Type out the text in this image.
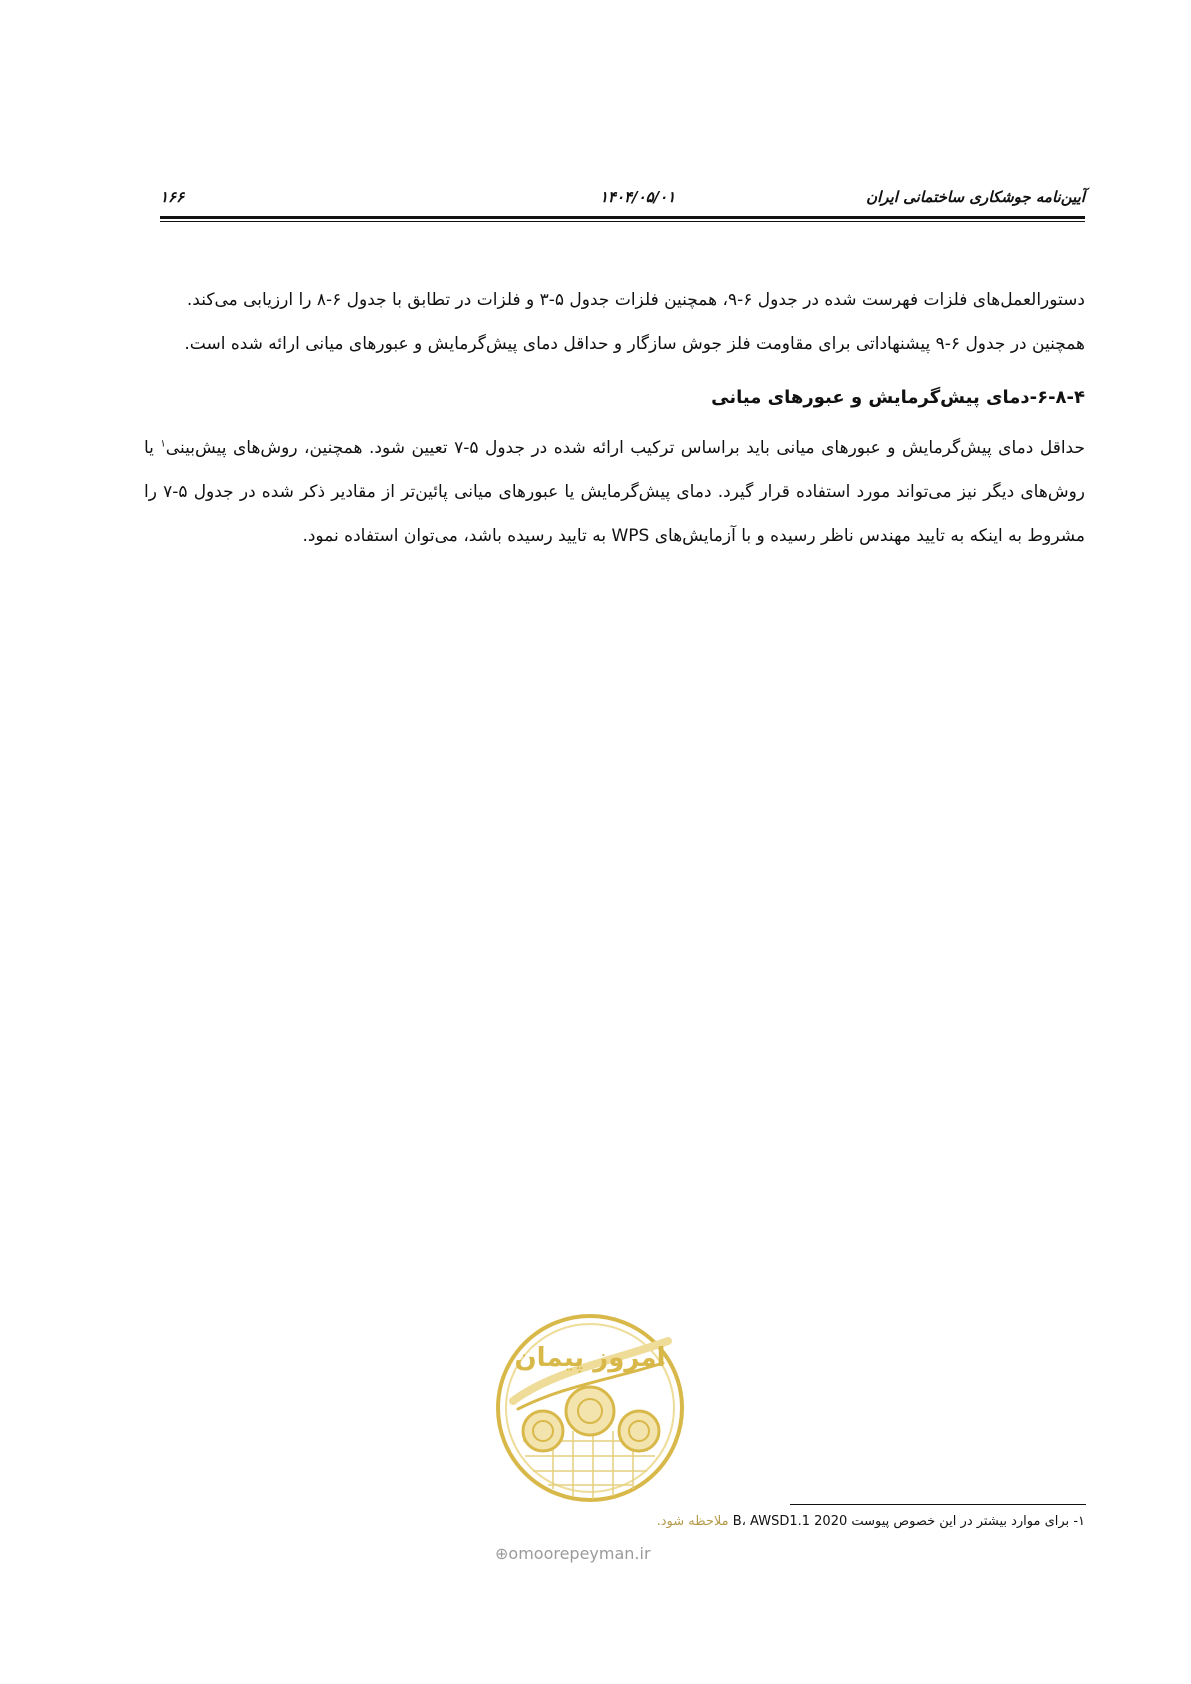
آیین‌نامه جوشکاری ساختمانی ایران
۱۴۰۴/۰۵/۰۱
۱۶۶

دستورالعمل‌های فلزات فهرست شده در جدول ۶-۹، همچنین فلزات جدول ۵-۳ و فلزات در تطابق با جدول ۶-۸ را ارزیابی می‌کند.

همچنین در جدول ۶-۹ پیشنهاداتی برای مقاومت فلز جوش سازگار و حداقل دمای پیش‌گرمایش و عبورهای میانی ارائه شده است.

۶-۸-۴-دمای پیش‌گرمایش و عبورهای میانی

حداقل دمای پیش‌گرمایش و عبورهای میانی باید براساس ترکیب ارائه شده در جدول ۵-۷ تعیین شود. همچنین، روش‌های پیش‌بینی$^۱$ یا روش‌های دیگر نیز می‌تواند مورد استفاده قرار گیرد. دمای پیش‌گرمایش یا عبورهای میانی پائین‌تر از مقادیر ذکر شده در جدول ۵-۷ را مشروط به اینکه به تایید مهندس ناظر رسیده و با آزمایش‌های WPS به تایید رسیده باشد، می‌توان استفاده نمود.

امروز پیمان
۱- برای موارد بیشتر در این خصوص پیوست B، AWSD1.1 2020 ملاحظه شود.
⊕omoorepeyman.ir
